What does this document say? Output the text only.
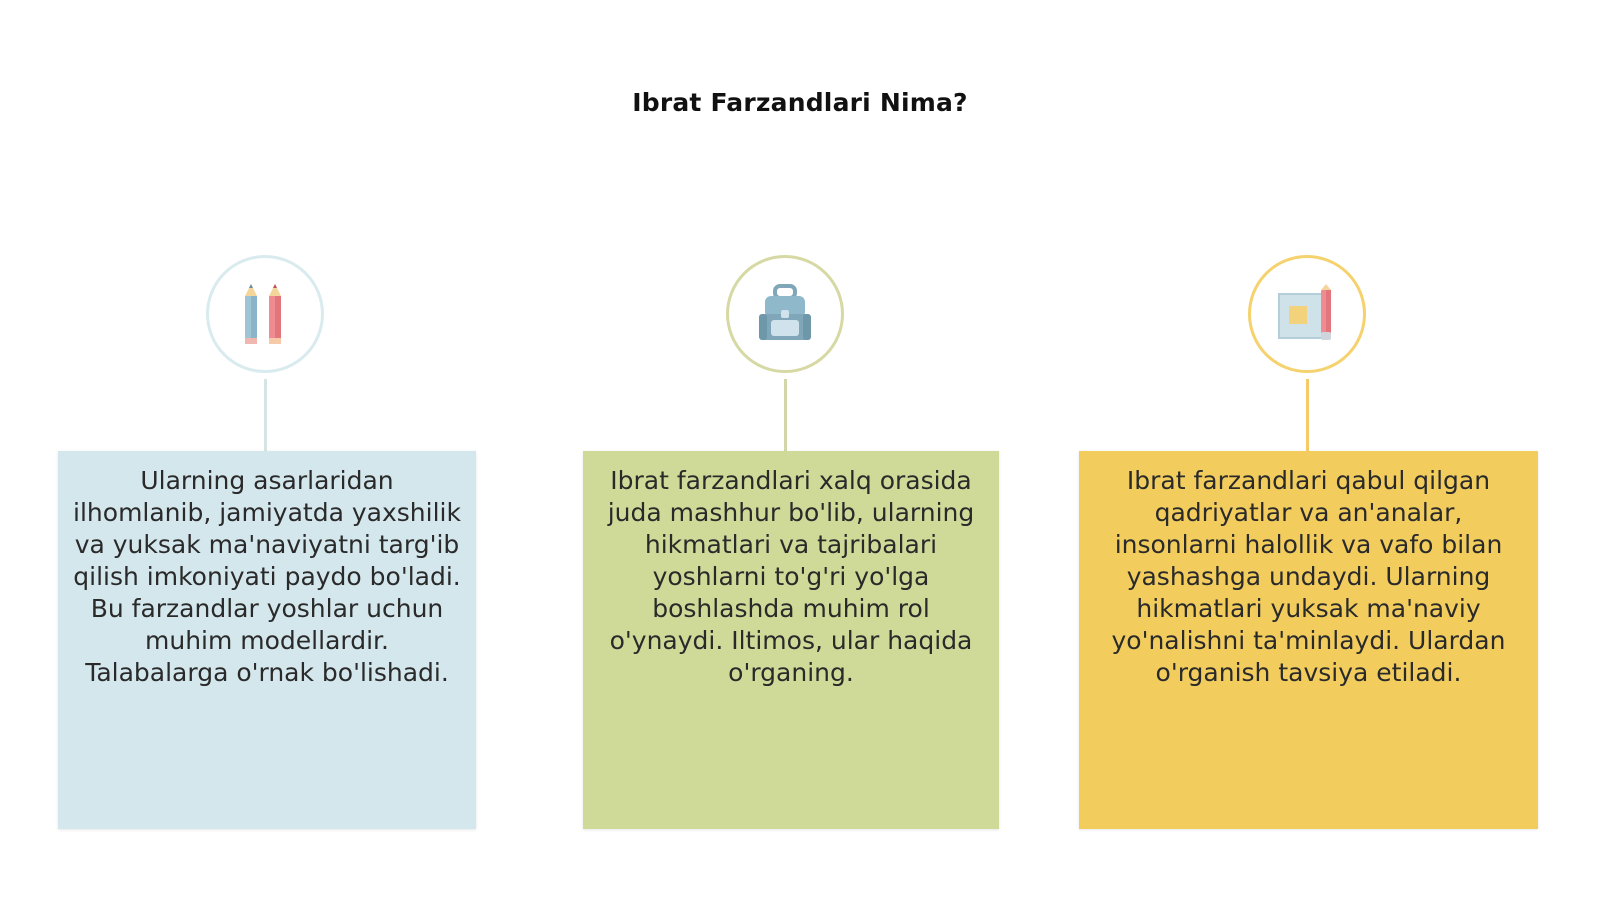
Ibrat Farzandlari Nima?
Ularning asarlaridan ilhomlanib, jamiyatda yaxshilik va yuksak ma'naviyatni targ'ib qilish imkoniyati paydo bo'ladi. Bu farzandlar yoshlar uchun muhim modellardir. Talabalarga o'rnak bo'lishadi.
Ibrat farzandlari xalq orasida juda mashhur bo'lib, ularning hikmatlari va tajribalari yoshlarni to'g'ri yo'lga boshlashda muhim rol o'ynaydi. Iltimos, ular haqida o'rganing.
Ibrat farzandlari qabul qilgan qadriyatlar va an'analar, insonlarni halollik va vafo bilan yashashga undaydi. Ularning hikmatlari yuksak ma'naviy yo'nalishni ta'minlaydi. Ulardan o'rganish tavsiya etiladi.
